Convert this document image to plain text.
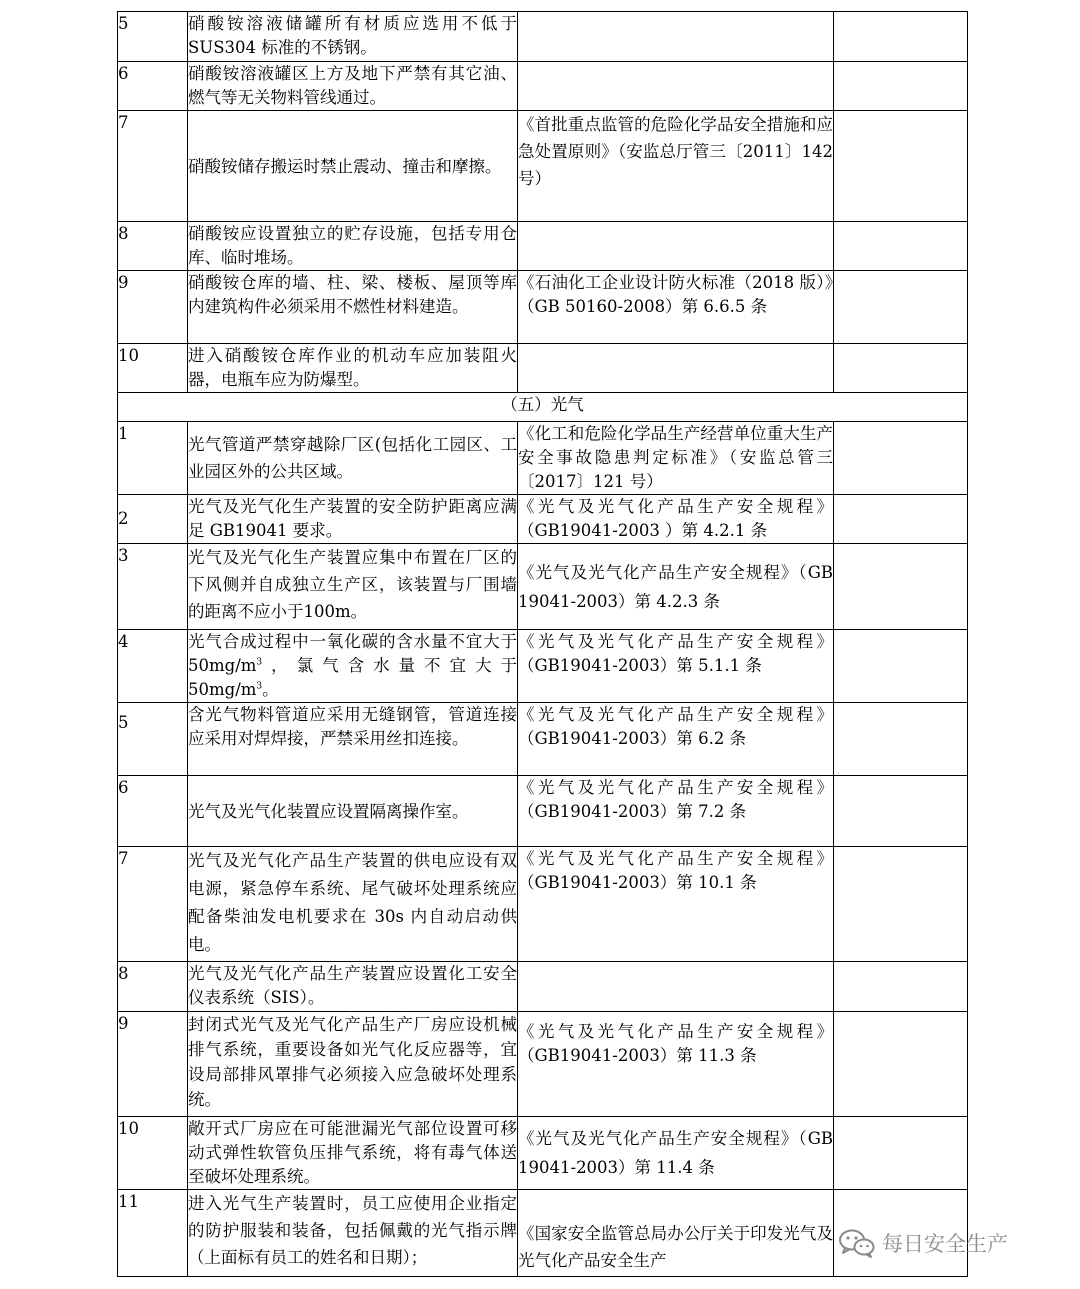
5	硝酸铵溶液储罐所有材质应选用不低于 SUS304 标准的不锈钢。		
6	硝酸铵溶液罐区上方及地下严禁有其它油、燃气等无关物料管线通过。		
7	硝酸铵储存搬运时禁止震动、撞击和摩擦。	《首批重点监管的危险化学品安全措施和应急处置原则》（安监总厅管三〔2011〕142 号）	
8	硝酸铵应设置独立的贮存设施，包括专用仓库、临时堆场。		
9	硝酸铵仓库的墙、柱、梁、楼板、屋顶等库内建筑构件必须采用不燃性材料建造。	《石油化工企业设计防火标准（2018 版）》（GB 50160-2008）第 6.6.5 条	
10	进入硝酸铵仓库作业的机动车应加装阻火器，电瓶车应为防爆型。		
（五）光气			
1	光气管道严禁穿越除厂区(包括化工园区、工业园区外的公共区域。	《化工和危险化学品生产经营单位重大生产安全事故隐患判定标准》（安监总管三〔2017〕121 号）	
2	光气及光气化生产装置的安全防护距离应满足 GB19041 要求。	《光气及光气化产品生产安全规程》（GB19041-2003 ）第 4.2.1 条	
3	光气及光气化生产装置应集中布置在厂区的下风侧并自成独立生产区，该装置与厂围墙的距离不应小于100m。	《光气及光气化产品生产安全规程》（GB 19041-2003）第 4.2.3 条	
4	光气合成过程中一氧化碳的含水量不宜大于 $50mg/m^3$，氯气含水量不宜大于 $50mg/m^3$。	《光气及光气化产品生产安全规程》（GB19041-2003）第 5.1.1 条	
5	含光气物料管道应采用无缝钢管，管道连接应采用对焊焊接，严禁采用丝扣连接。	《光气及光气化产品生产安全规程》（GB19041-2003）第 6.2 条	
6	光气及光气化装置应设置隔离操作室。	《光气及光气化产品生产安全规程》（GB19041-2003）第 7.2 条	
7	光气及光气化产品生产装置的供电应设有双电源，紧急停车系统、尾气破坏处理系统应配备柴油发电机要求在 30s 内自动启动供电。	《光气及光气化产品生产安全规程》（GB19041-2003）第 10.1 条	
8	光气及光气化产品生产装置应设置化工安全仪表系统（SIS）。		
9	封闭式光气及光气化产品生产厂房应设机械排气系统，重要设备如光气化反应器等，宜设局部排风罩排气必须接入应急破坏处理系统。	《光气及光气化产品生产安全规程》（GB19041-2003）第 11.3 条	
10	敞开式厂房应在可能泄漏光气部位设置可移动式弹性软管负压排气系统，将有毒气体送至破坏处理系统。	《光气及光气化产品生产安全规程》（GB 19041-2003）第 11.4 条	
11	进入光气生产装置时，员工应使用企业指定的防护服装和装备，包括佩戴的光气指示牌（上面标有员工的姓名和日期）；	《国家安全监管总局办公厅关于印发光气及光气化产品安全生产	
每日安全生产
